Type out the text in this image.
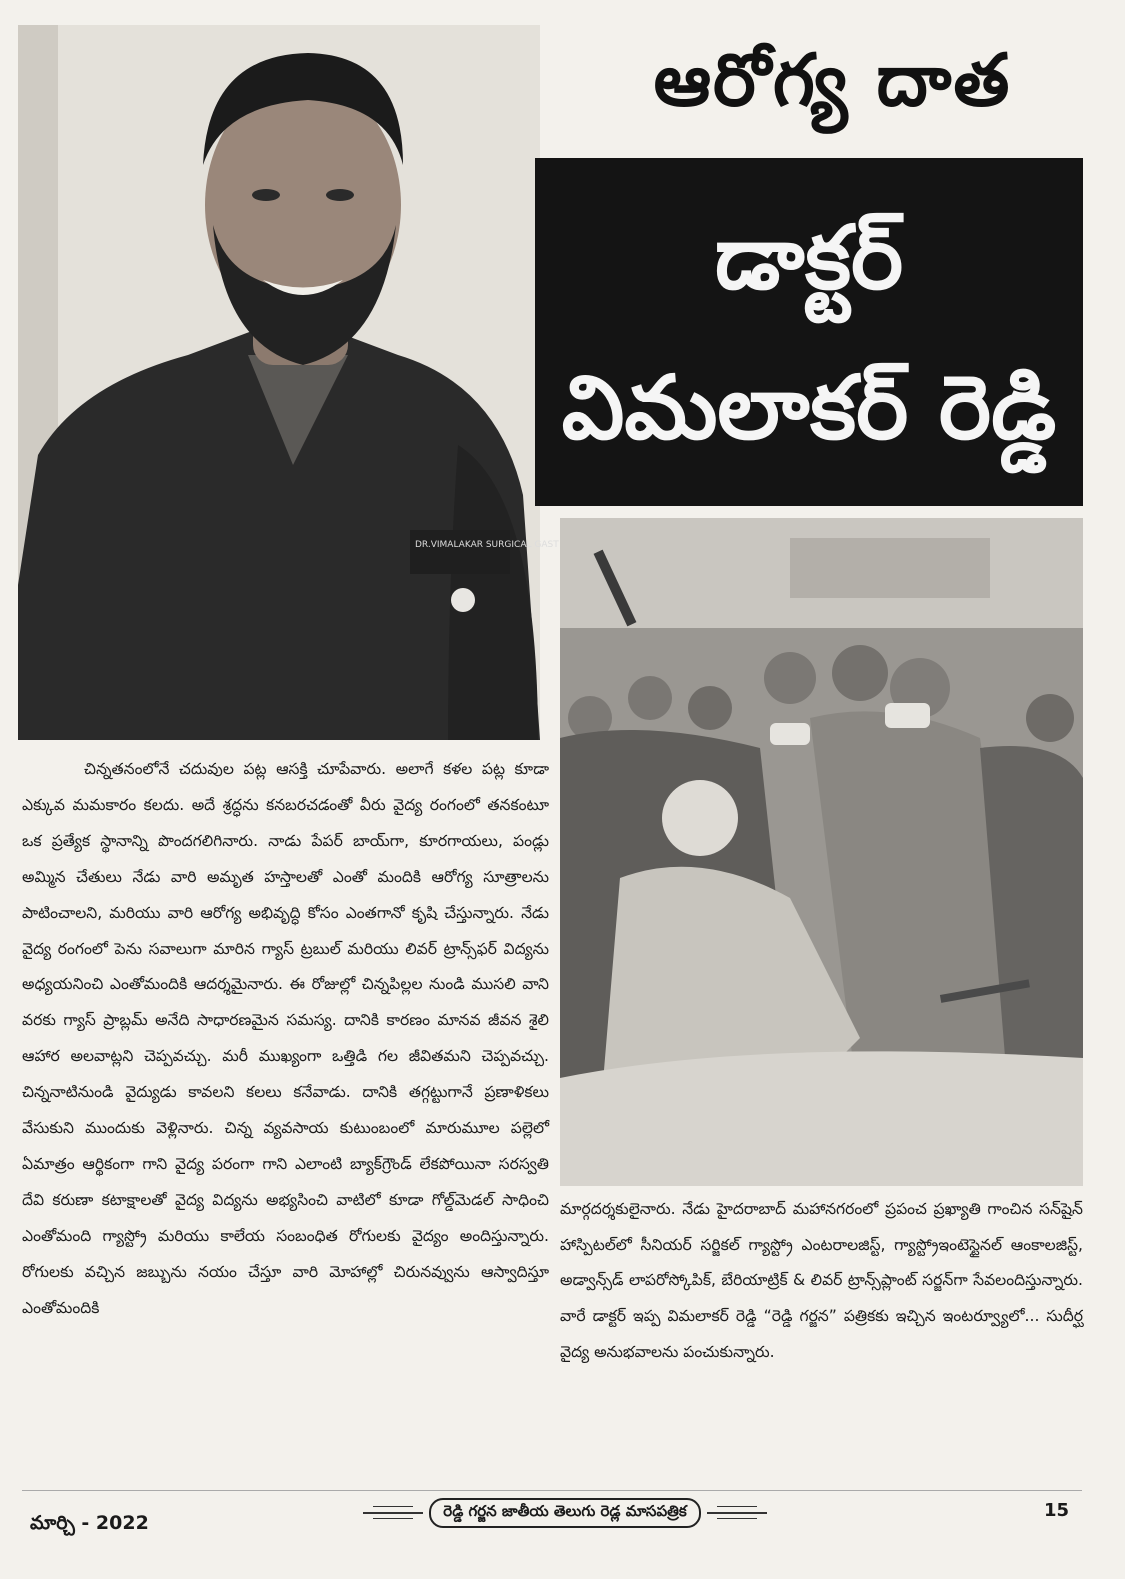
DR.VIMALAKAR SURGICAL GAST
ఆరోగ్య దాత
డాక్టర్
విమలాకర్ రెడ్డి

చిన్నతనంలోనే చదువుల పట్ల ఆసక్తి చూపేవారు. అలాగే కళల పట్ల కూడా ఎక్కువ మమకారం కలదు. అదే శ్రద్ధను కనబరచడంతో వీరు వైద్య రంగంలో తనకంటూ ఒక ప్రత్యేక స్థానాన్ని పొందగలిగినారు. నాడు పేపర్ బాయ్‌గా, కూరగాయలు, పండ్లు అమ్మిన చేతులు నేడు వారి అమృత హస్తాలతో ఎంతో మందికి ఆరోగ్య సూత్రాలను పాటించాలని, మరియు వారి ఆరోగ్య అభివృద్ధి కోసం ఎంతగానో కృషి చేస్తున్నారు. నేడు వైద్య రంగంలో పెను సవాలుగా మారిన గ్యాస్ ట్రబుల్ మరియు లివర్ ట్రాన్స్‌ఫర్ విద్యను అధ్యయనించి ఎంతోమందికి ఆదర్శమైనారు. ఈ రోజుల్లో చిన్నపిల్లల నుండి ముసలి వాని వరకు గ్యాస్ ప్రాబ్లమ్ అనేది సాధారణమైన సమస్య. దానికి కారణం మానవ జీవన శైలి ఆహార అలవాట్లని చెప్పవచ్చు. మరీ ముఖ్యంగా ఒత్తిడి గల జీవితమని చెప్పవచ్చు. చిన్ననాటినుండి వైద్యుడు కావలని కలలు కనేవాడు. దానికి తగ్గట్టుగానే ప్రణాళికలు వేసుకుని ముందుకు వెళ్లినారు. చిన్న వ్యవసాయ కుటుంబంలో మారుమూల పల్లెలో ఏమాత్రం ఆర్థికంగా గాని వైద్య పరంగా గాని ఎలాంటి బ్యాక్‌గ్రౌండ్ లేకపోయినా సరస్వతి దేవి కరుణా కటాక్షాలతో వైద్య విద్యను అభ్యసించి వాటిలో కూడా గోల్డ్‌మెడల్ సాధించి ఎంతోమంది గ్యాస్ట్రో మరియు కాలేయ సంబంధిత రోగులకు వైద్యం అందిస్తున్నారు. రోగులకు వచ్చిన జబ్బును నయం చేస్తూ వారి మోహాల్లో చిరునవ్వును ఆస్వాదిస్తూ ఎంతోమందికి

మార్గదర్శకులైనారు. నేడు హైదరాబాద్ మహానగరంలో ప్రపంచ ప్రఖ్యాతి గాంచిన సన్‌షైన్ హాస్పిటల్‌లో సీనియర్ సర్జికల్ గ్యాస్ట్రో ఎంటరాలజిస్ట్, గ్యాస్ట్రోఇంటెస్టైనల్ ఆంకాలజిస్ట్, అడ్వాన్స్‌డ్ లాపరోస్కోపిక్, బేరియాట్రిక్ & లివర్ ట్రాన్స్‌ప్లాంట్ సర్జన్‌గా సేవలందిస్తున్నారు. వారే డాక్టర్ ఇప్ప విమలాకర్ రెడ్డి “రెడ్డి గర్జన” పత్రికకు ఇచ్చిన ఇంటర్వ్యూలో... సుదీర్ఘ వైద్య అనుభవాలను పంచుకున్నారు.

మార్చి - 2022
రెడ్డి గర్జన జాతీయ తెలుగు రెడ్ల మాసపత్రిక	15
